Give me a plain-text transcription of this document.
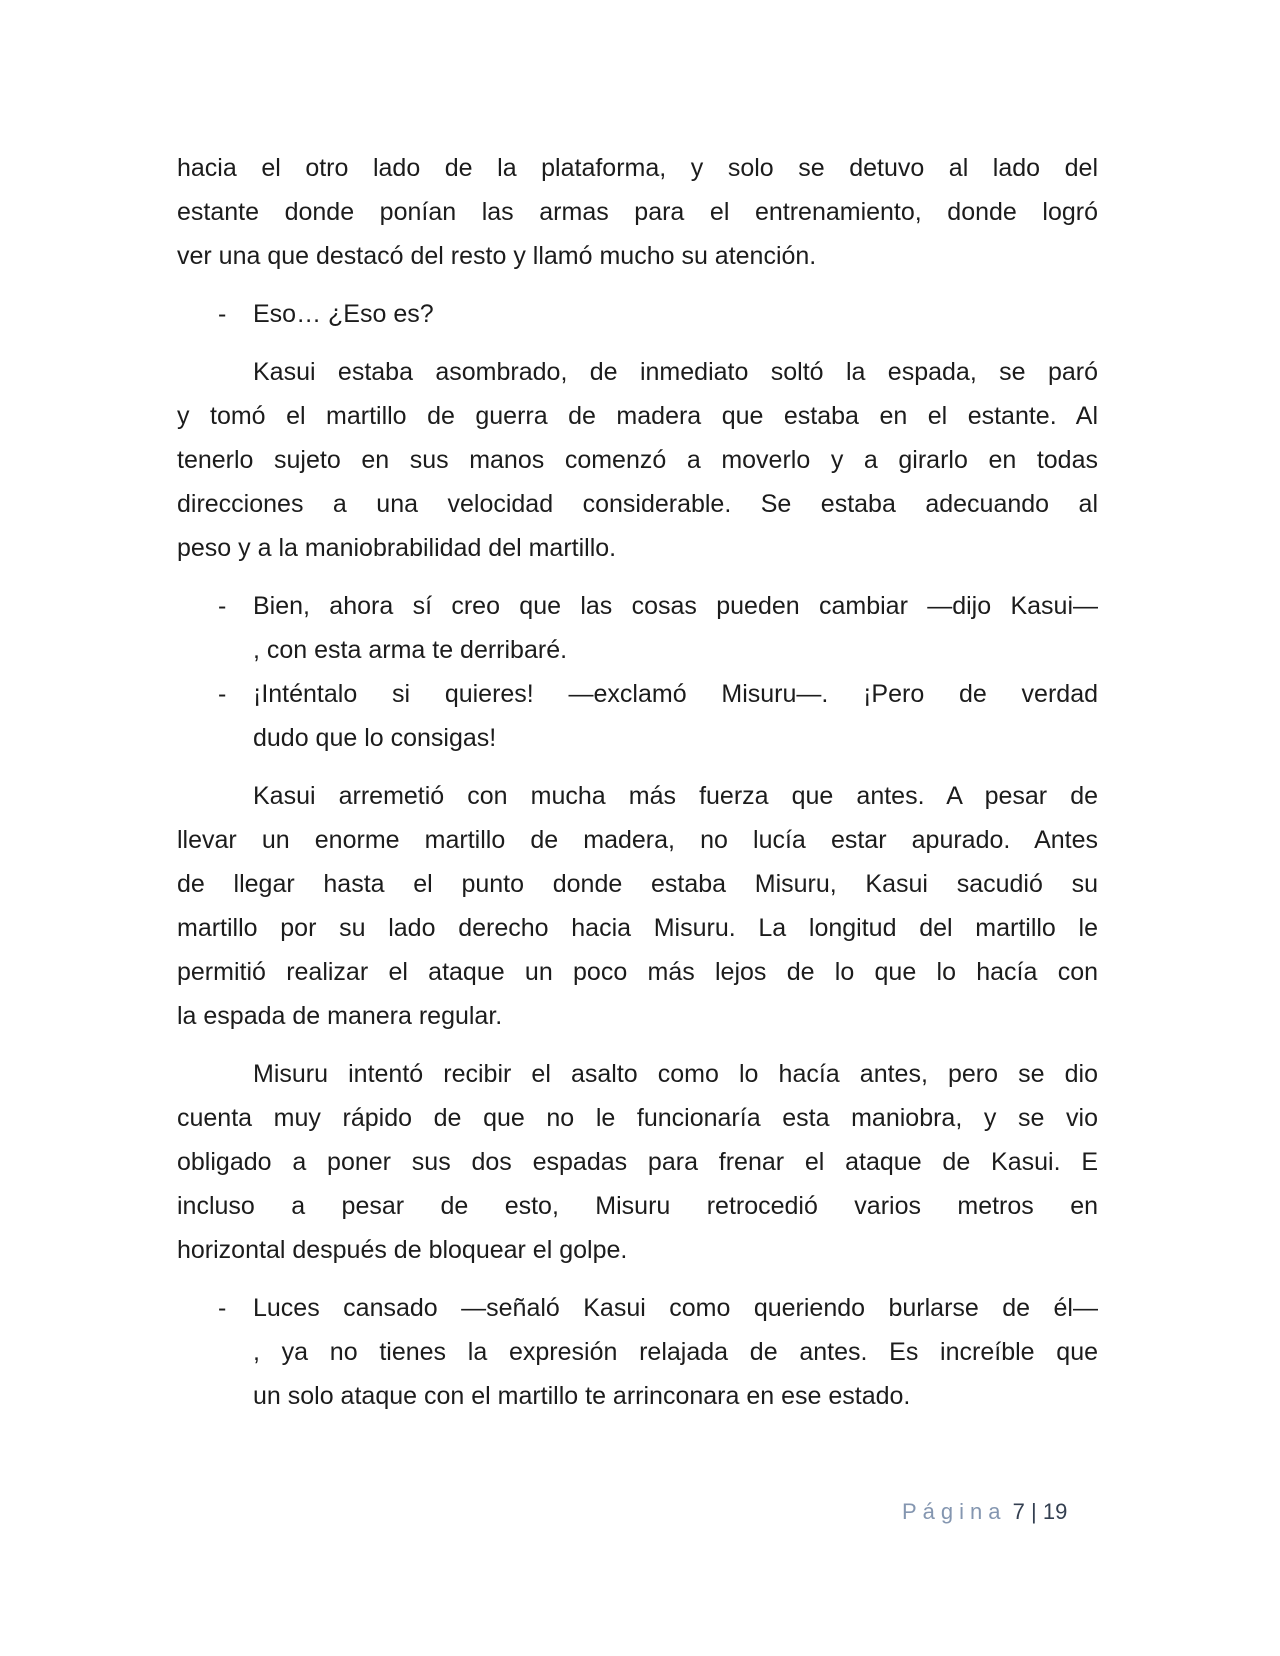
hacia el otro lado de la plataforma, y solo se detuvo al lado del
estante donde ponían las armas para el entrenamiento, donde logró
ver una que destacó del resto y llamó mucho su atención.
- Eso… ¿Eso es?
Kasui estaba asombrado, de inmediato soltó la espada, se paró
y tomó el martillo de guerra de madera que estaba en el estante. Al
tenerlo sujeto en sus manos comenzó a moverlo y a girarlo en todas
direcciones a una velocidad considerable. Se estaba adecuando al
peso y a la maniobrabilidad del martillo.
- Bien, ahora sí creo que las cosas pueden cambiar —dijo Kasui—
, con esta arma te derribaré.
- ¡Inténtalo si quieres! —exclamó Misuru—. ¡Pero de verdad
dudo que lo consigas!
Kasui arremetió con mucha más fuerza que antes. A pesar de
llevar un enorme martillo de madera, no lucía estar apurado. Antes
de llegar hasta el punto donde estaba Misuru, Kasui sacudió su
martillo por su lado derecho hacia Misuru. La longitud del martillo le
permitió realizar el ataque un poco más lejos de lo que lo hacía con
la espada de manera regular.
Misuru intentó recibir el asalto como lo hacía antes, pero se dio
cuenta muy rápido de que no le funcionaría esta maniobra, y se vio
obligado a poner sus dos espadas para frenar el ataque de Kasui. E
incluso a pesar de esto, Misuru retrocedió varios metros en
horizontal después de bloquear el golpe.
- Luces cansado —señaló Kasui como queriendo burlarse de él—
, ya no tienes la expresión relajada de antes. Es increíble que
un solo ataque con el martillo te arrinconara en ese estado.
Página 7 | 19
